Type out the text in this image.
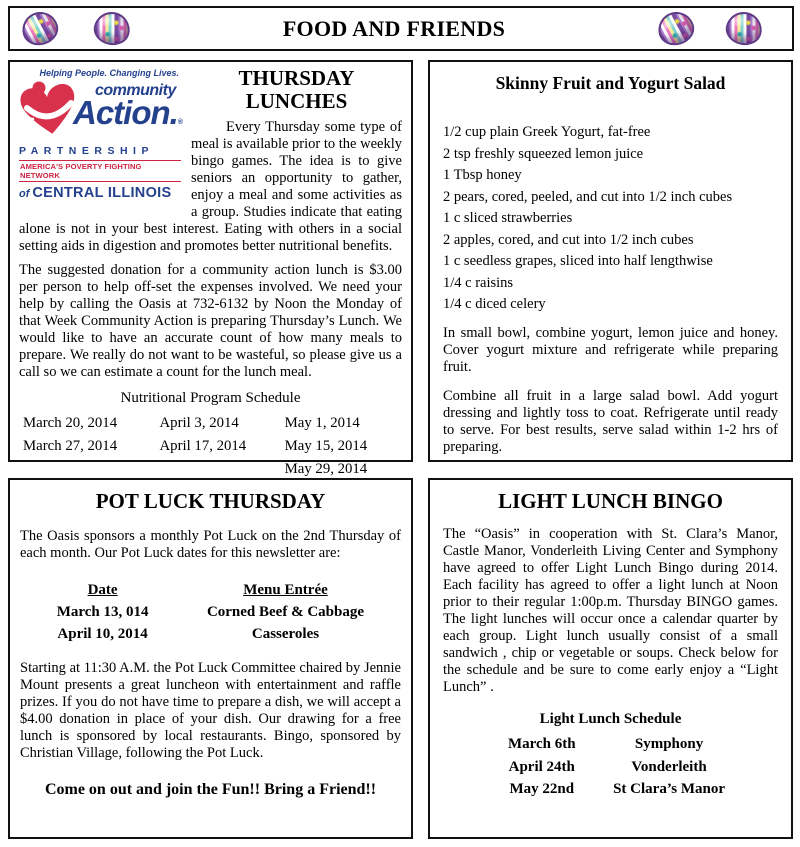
FOOD AND FRIENDS
Helping People. Changing Lives.
community
Action.®
PARTNERSHIP
AMERICA'S POVERTY FIGHTING NETWORK
of CENTRAL ILLINOIS
THURSDAY LUNCHES

Every Thursday some type of meal is available prior to the weekly bingo games. The idea is to give seniors an opportunity to gather, enjoy a meal and some activities as a group. Studies indicate that eating alone is not in your best interest. Eating with others in a social setting aids in digestion and promotes better nutritional benefits.

The suggested donation for a community action lunch is $3.00 per person to help off-set the expenses involved. We need your help by calling the Oasis at 732-6132 by Noon the Monday of that Week Community Action is preparing Thursday’s Lunch. We would like to have an accurate count of how many meals to prepare. We really do not want to be wasteful, so please give us a call so we can estimate a count for the lunch meal.

Nutritional Program Schedule
March 20, 2014	April 3, 2014	May 1, 2014
March 27, 2014	April 17, 2014	May 15, 2014
		May 29, 2014
Skinny Fruit and Yogurt Salad
1/2 cup plain Greek Yogurt, fat-free
2 tsp freshly squeezed lemon juice
1 Tbsp honey
2 pears, cored, peeled, and cut into 1/2 inch cubes
1 c sliced strawberries
2 apples, cored, and cut into 1/2 inch cubes
1 c seedless grapes, sliced into half lengthwise
1/4 c raisins
1/4 c diced celery

In small bowl, combine yogurt, lemon juice and honey. Cover yogurt mixture and refrigerate while preparing fruit.

Combine all fruit in a large salad bowl. Add yogurt dressing and lightly toss to coat. Refrigerate until ready to serve. For best results, serve salad within 1-2 hrs of preparing.

POT LUCK THURSDAY

The Oasis sponsors a monthly Pot Luck on the 2nd Thursday of each month. Our Pot Luck dates for this newsletter are:

Date	Menu Entrée
March 13, 014	Corned Beef & Cabbage
April 10, 2014	Casseroles

Starting at 11:30 A.M. the Pot Luck Committee chaired by Jennie Mount presents a great luncheon with entertainment and raffle prizes. If you do not have time to prepare a dish, we will accept a $4.00 donation in place of your dish. Our drawing for a free lunch is sponsored by local restaurants. Bingo, sponsored by Christian Village, following the Pot Luck.

Come on out and join the Fun!! Bring a Friend!!
LIGHT LUNCH BINGO

The “Oasis” in cooperation with St. Clara’s Manor, Castle Manor, Vonderleith Living Center and Symphony have agreed to offer Light Lunch Bingo during 2014. Each facility has agreed to offer a light lunch at Noon prior to their regular 1:00p.m. Thursday BINGO games. The light lunches will occur once a calendar quarter by each group. Light lunch usually consist of a small sandwich , chip or vegetable or soups. Check below for the schedule and be sure to come early enjoy a “Light Lunch” .

Light Lunch Schedule
March 6th	Symphony
April 24th	Vonderleith
May 22nd	St Clara’s Manor
